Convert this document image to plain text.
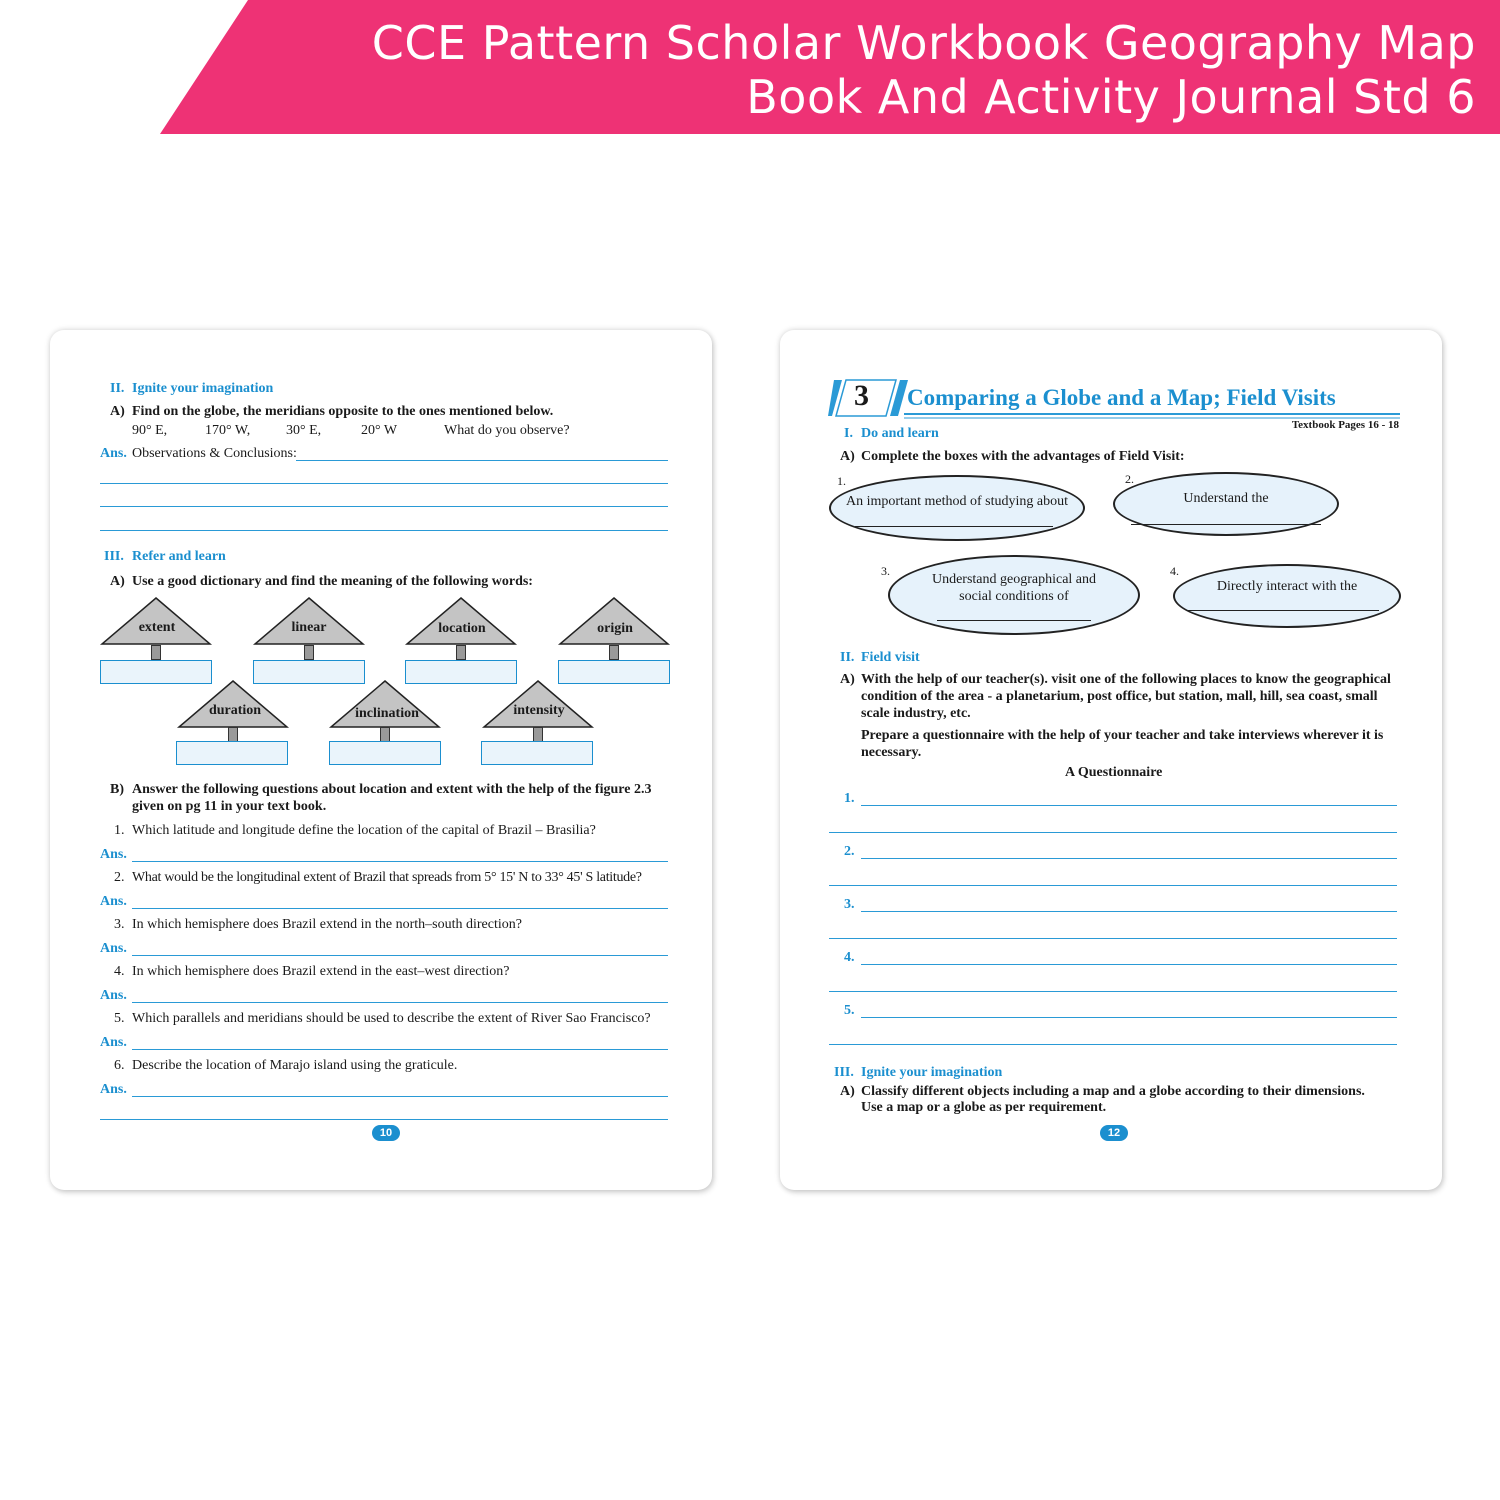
CCE Pattern Scholar Workbook Geography Map
Book And Activity Journal Std 6
II. Ignite your imagination
A) Find on the globe, the meridians opposite to the ones mentioned below.
90° E,	170° W,	30° E,	20° W	What do you observe?
Ans. Observations & Conclusions:
III. Refer and learn
A) Use a good dictionary and find the meaning of the following words:
extent	linear	location	origin
duration	inclination	intensity
B) Answer the following questions about location and extent with the help of the figure 2.3
given on pg 11 in your text book.
1. Which latitude and longitude define the location of the capital of Brazil – Brasilia?
Ans.
2. What would be the longitudinal extent of Brazil that spreads from 5° 15' N to 33° 45' S latitude?
Ans.
3. In which hemisphere does Brazil extend in the north–south direction?
Ans.
4. In which hemisphere does Brazil extend in the east–west direction?
Ans.
5. Which parallels and meridians should be used to describe the extent of River Sao Francisco?
Ans.
6. Describe the location of Marajo island using the graticule.
Ans.
10
3 Comparing a Globe and a Map; Field Visits
Textbook Pages 16 - 18
I. Do and learn
A) Complete the boxes with the advantages of Field Visit:
1.
An important method of studying about
2.
Understand the
3.
Understand geographical and
social conditions of
4.
Directly interact with the
II. Field visit
A) With the help of our teacher(s). visit one of the following places to know the geographical
condition of the area - a planetarium, post office, but station, mall, hill, sea coast, small
scale industry, etc.
Prepare a questionnaire with the help of your teacher and take interviews wherever it is
necessary.
A Questionnaire
1.
2.
3.
4.
5.
III. Ignite your imagination
A) Classify different objects including a map and a globe according to their dimensions.
Use a map or a globe as per requirement.
12
